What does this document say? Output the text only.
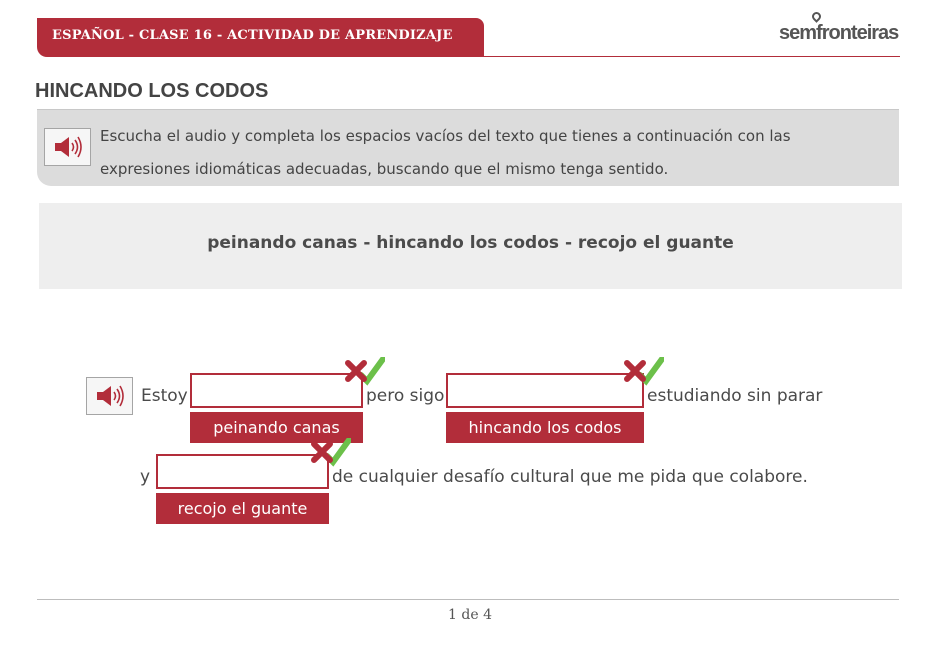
ESPAÑOL - CLASE 16 - ACTIVIDAD DE APRENDIZAJE	semfronteiras
HINCANDO LOS CODOS

Escucha el audio y completa los espacios vacíos del texto que tienes a continuación con las expresiones idiomáticas adecuadas, buscando que el mismo tenga sentido.

peinando canas - hincando los codos - recojo el guante
Estoy
peinando canas
pero sigo
hincando los codos
estudiando sin parar
y
recojo el guante
de cualquier desafío cultural que me pida que colabore.
1 de 4
